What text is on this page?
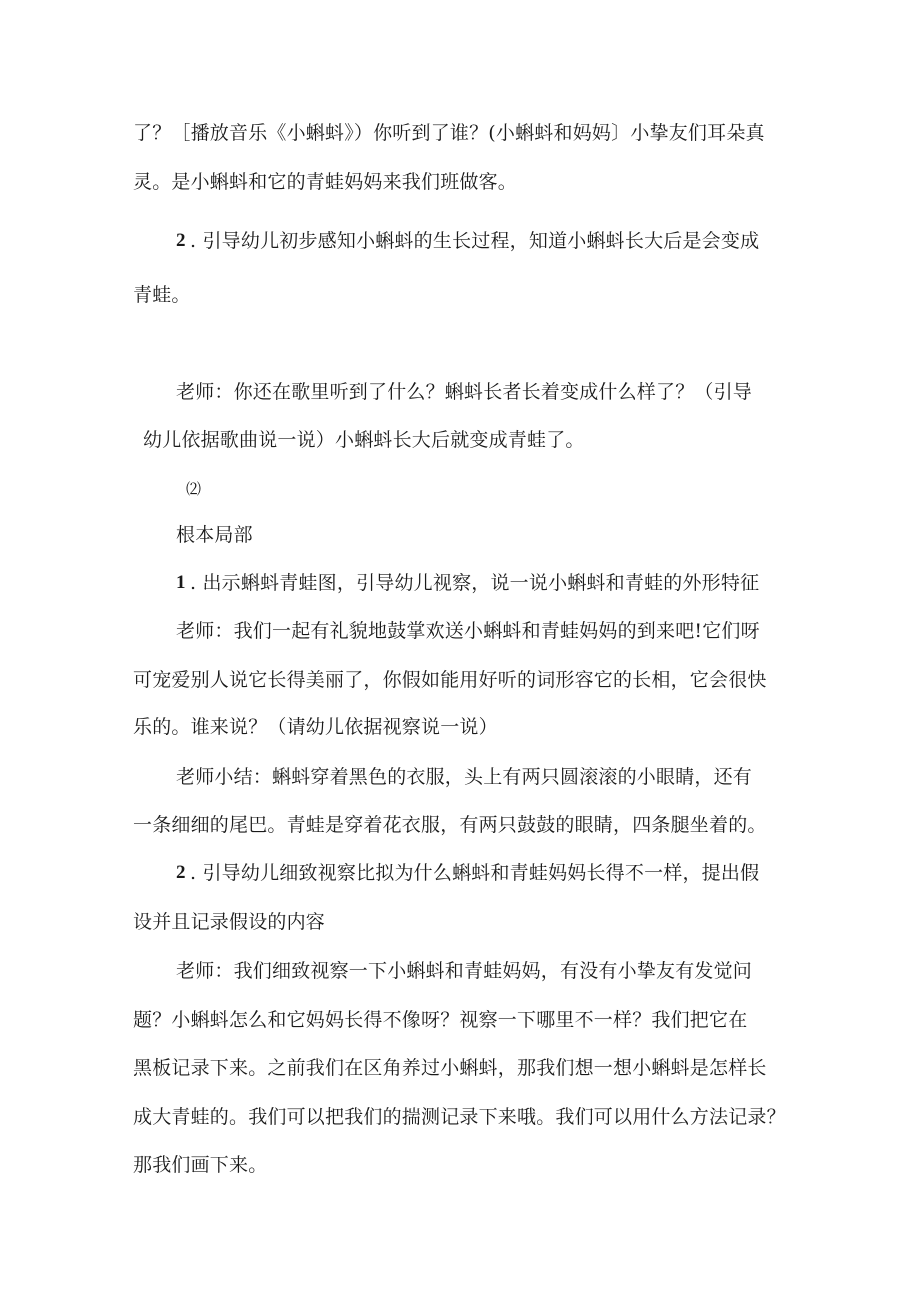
了？［播放音乐《小蝌蚪》）你听到了谁？(小蝌蚪和妈妈〕小挚友们耳朵真
灵。是小蝌蚪和它的青蛙妈妈来我们班做客。
2 . 引导幼儿初步感知小蝌蚪的生长过程，知道小蝌蚪长大后是会变成
青蛙。
老师：你还在歌里听到了什么？蝌蚪长者长着变成什么样了？（引导
幼儿依据歌曲说一说）小蝌蚪长大后就变成青蛙了。
⑵
根本局部
1 . 出示蝌蚪青蛙图，引导幼儿视察，说一说小蝌蚪和青蛙的外形特征
老师：我们一起有礼貌地鼓掌欢送小蝌蚪和青蛙妈妈的到来吧!它们呀
可宠爱别人说它长得美丽了，你假如能用好听的词形容它的长相，它会很快
乐的。谁来说？（请幼儿依据视察说一说）
老师小结：蝌蚪穿着黑色的衣服，头上有两只圆滚滚的小眼睛，还有
一条细细的尾巴。青蛙是穿着花衣服，有两只鼓鼓的眼睛，四条腿坐着的。
2 . 引导幼儿细致视察比拟为什么蝌蚪和青蛙妈妈长得不一样，提出假
设并且记录假设的内容
老师：我们细致视察一下小蝌蚪和青蛙妈妈，有没有小挚友有发觉问
题？小蝌蚪怎么和它妈妈长得不像呀？视察一下哪里不一样？我们把它在
黑板记录下来。之前我们在区角养过小蝌蚪，那我们想一想小蝌蚪是怎样长
成大青蛙的。我们可以把我们的揣测记录下来哦。我们可以用什么方法记录？
那我们画下来。
